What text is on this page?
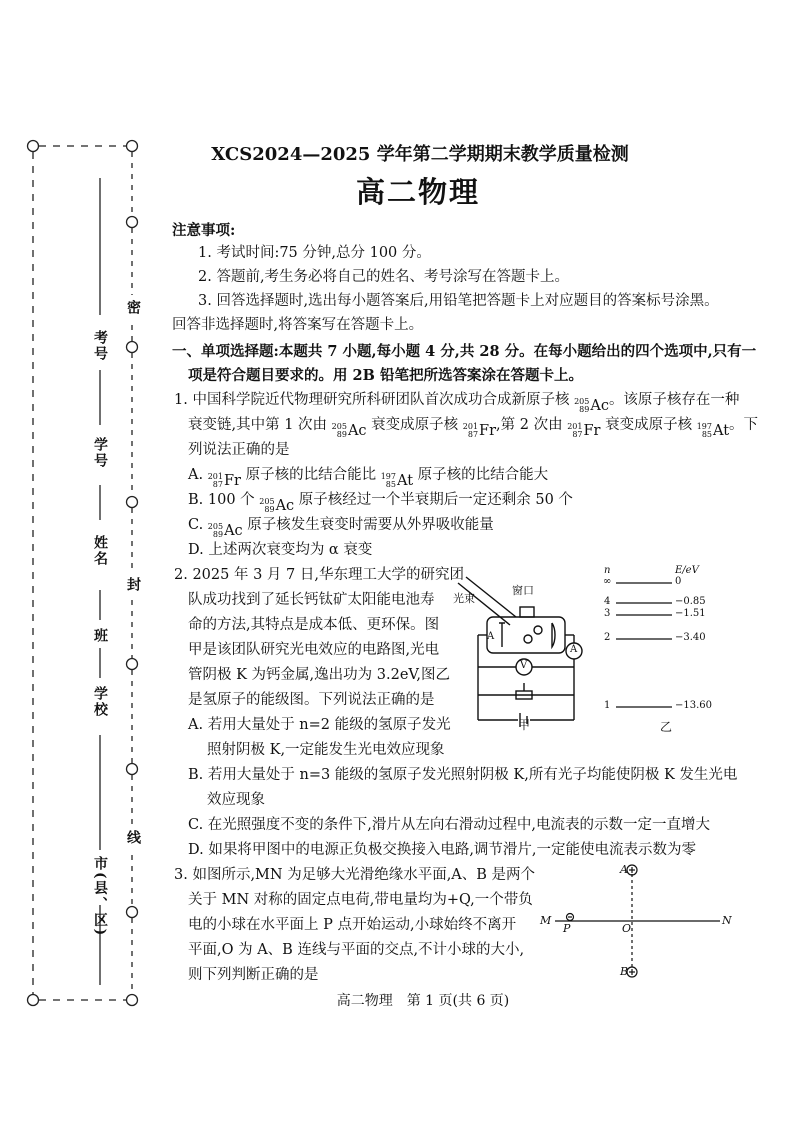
考号
学号
姓名
班
学校
市(县、区)
密
封
线
XCS2024—2025 学年第二学期期末教学质量检测
高二物理
注意事项:
1. 考试时间:75 分钟,总分 100 分。
2. 答题前,考生务必将自己的姓名、考号涂写在答题卡上。
3. 回答选择题时,选出每小题答案后,用铅笔把答题卡上对应题目的答案标号涂黑。
回答非选择题时,将答案写在答题卡上。
一、单项选择题:本题共 7 小题,每小题 4 分,共 28 分。在每小题给出的四个选项中,只有一
项是符合题目要求的。用 2B 铅笔把所选答案涂在答题卡上。
1. 中国科学院近代物理研究所科研团队首次成功合成新原子核 205
89 Ac 。该原子核存在一种
衰变链,其中第 1 次由 205
89 Ac 衰变成原子核 201
87 Fr ,第 2 次由 201
87 Fr 衰变成原子核 197
85 At 。下
列说法正确的是
A. 201
87 Fr 原子核的比结合能比 197
85 At 原子核的比结合能大
B. 100 个 205
89 Ac 原子核经过一个半衰期后一定还剩余 50 个
C. 205
89 Ac 原子核发生衰变时需要从外界吸收能量
D. 上述两次衰变均为 α 衰变
2. 2025 年 3 月 7 日,华东理工大学的研究团
队成功找到了延长钙钛矿太阳能电池寿
命的方法,其特点是成本低、更环保。图
甲是该团队研究光电效应的电路图,光电
管阴极 K 为钙金属,逸出功为 3.2eV,图乙
是氢原子的能级图。下列说法正确的是
A. 若用大量处于 n=2 能级的氢原子发光
照射阴极 K,一定能发生光电效应现象
B. 若用大量处于 n=3 能级的氢原子发光照射阴极 K,所有光子均能使阴极 K 发生光电
效应现象
C. 在光照强度不变的条件下,滑片从左向右滑动过程中,电流表的示数一定一直增大
D. 如果将甲图中的电源正负极交换接入电路,调节滑片,一定能使电流表示数为零
光束
窗口
A
V
A
甲
n	E/eV
∞	0
4	−0.85
3	−1.51
2	−3.40
1	−13.60
乙
3. 如图所示,MN 为足够大光滑绝缘水平面,A、B 是两个
关于 MN 对称的固定点电荷,带电量均为+Q,一个带负
电的小球在水平面上 P 点开始运动,小球始终不离开
平面,O 为 A、B 连线与平面的交点,不计小球的大小,
则下列判断正确的是
A
B
M	N
P	O
高二物理　第 1 页(共 6 页)
